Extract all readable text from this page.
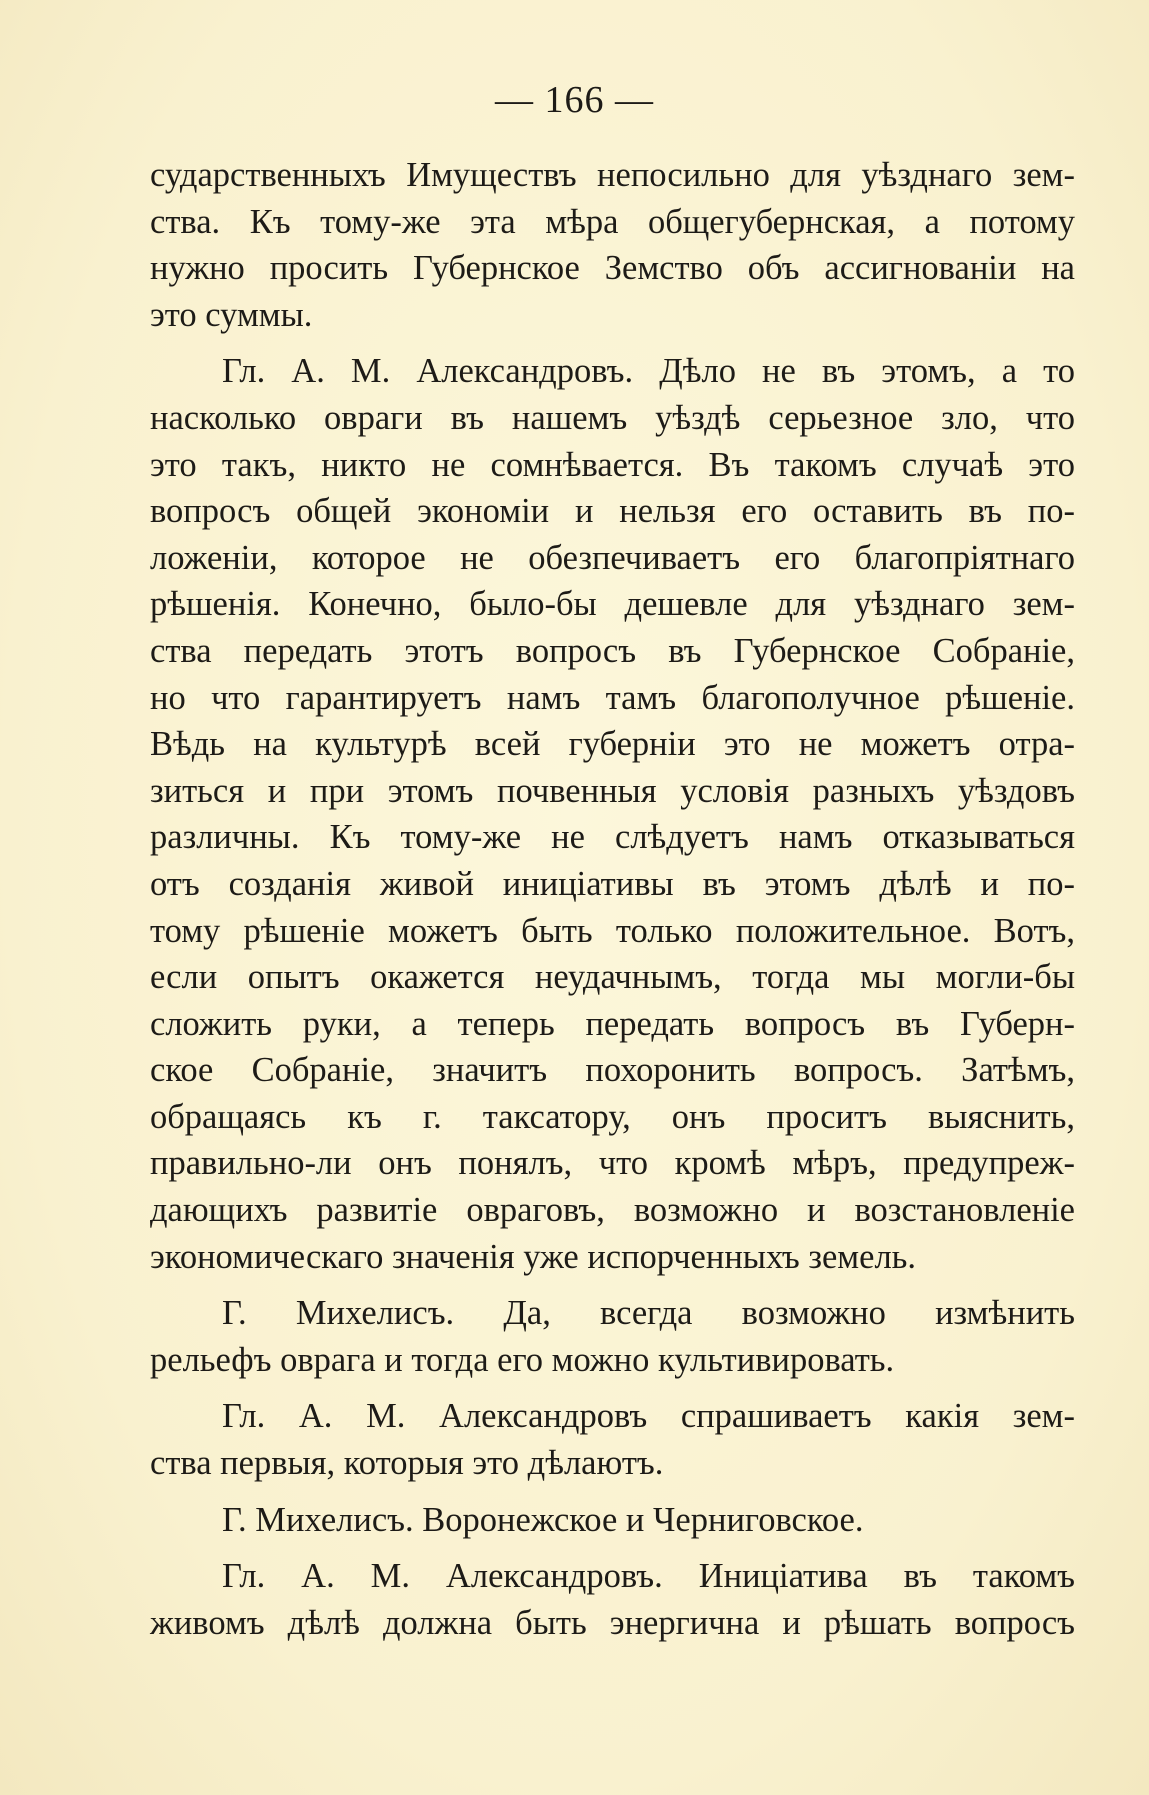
— 166 —
сударственныхъ Имуществъ непосильно для уѣзднаго зем-
ства. Къ тому-же эта мѣра общегубернская, а потому
нужно просить Губернское Земство объ ассигнованіи на
это суммы.
Гл. А. М. Александровъ. Дѣло не въ этомъ, а то
насколько овраги въ нашемъ уѣздѣ серьезное зло, что
это такъ, никто не сомнѣвается. Въ такомъ случаѣ это
вопросъ общей экономіи и нельзя его оставить въ по-
ложеніи, которое не обезпечиваетъ его благопріятнаго
рѣшенія. Конечно, было-бы дешевле для уѣзднаго зем-
ства передать этотъ вопросъ въ Губернское Собраніе,
но что гарантируетъ намъ тамъ благополучное рѣшеніе.
Вѣдь на культурѣ всей губерніи это не можетъ отра-
зиться и при этомъ почвенныя условія разныхъ уѣздовъ
различны. Къ тому-же не слѣдуетъ намъ отказываться
отъ созданія живой иниціативы въ этомъ дѣлѣ и по-
тому рѣшеніе можетъ быть только положительное. Вотъ,
если опытъ окажется неудачнымъ, тогда мы могли-бы
сложить руки, а теперь передать вопросъ въ Губерн-
ское Собраніе, значитъ похоронить вопросъ. Затѣмъ,
обращаясь къ г. таксатору, онъ проситъ выяснить,
правильно-ли онъ понялъ, что кромѣ мѣръ, предупреж-
дающихъ развитіе овраговъ, возможно и возстановленіе
экономическаго значенія уже испорченныхъ земель.
Г. Михелисъ. Да, всегда возможно измѣнить
рельефъ оврага и тогда его можно культивировать.
Гл. А. М. Александровъ спрашиваетъ какія зем-
ства первыя, которыя это дѣлаютъ.
Г. Михелисъ. Воронежское и Черниговское.
Гл. А. М. Александровъ. Иниціатива въ такомъ
живомъ дѣлѣ должна быть энергична и рѣшать вопросъ
